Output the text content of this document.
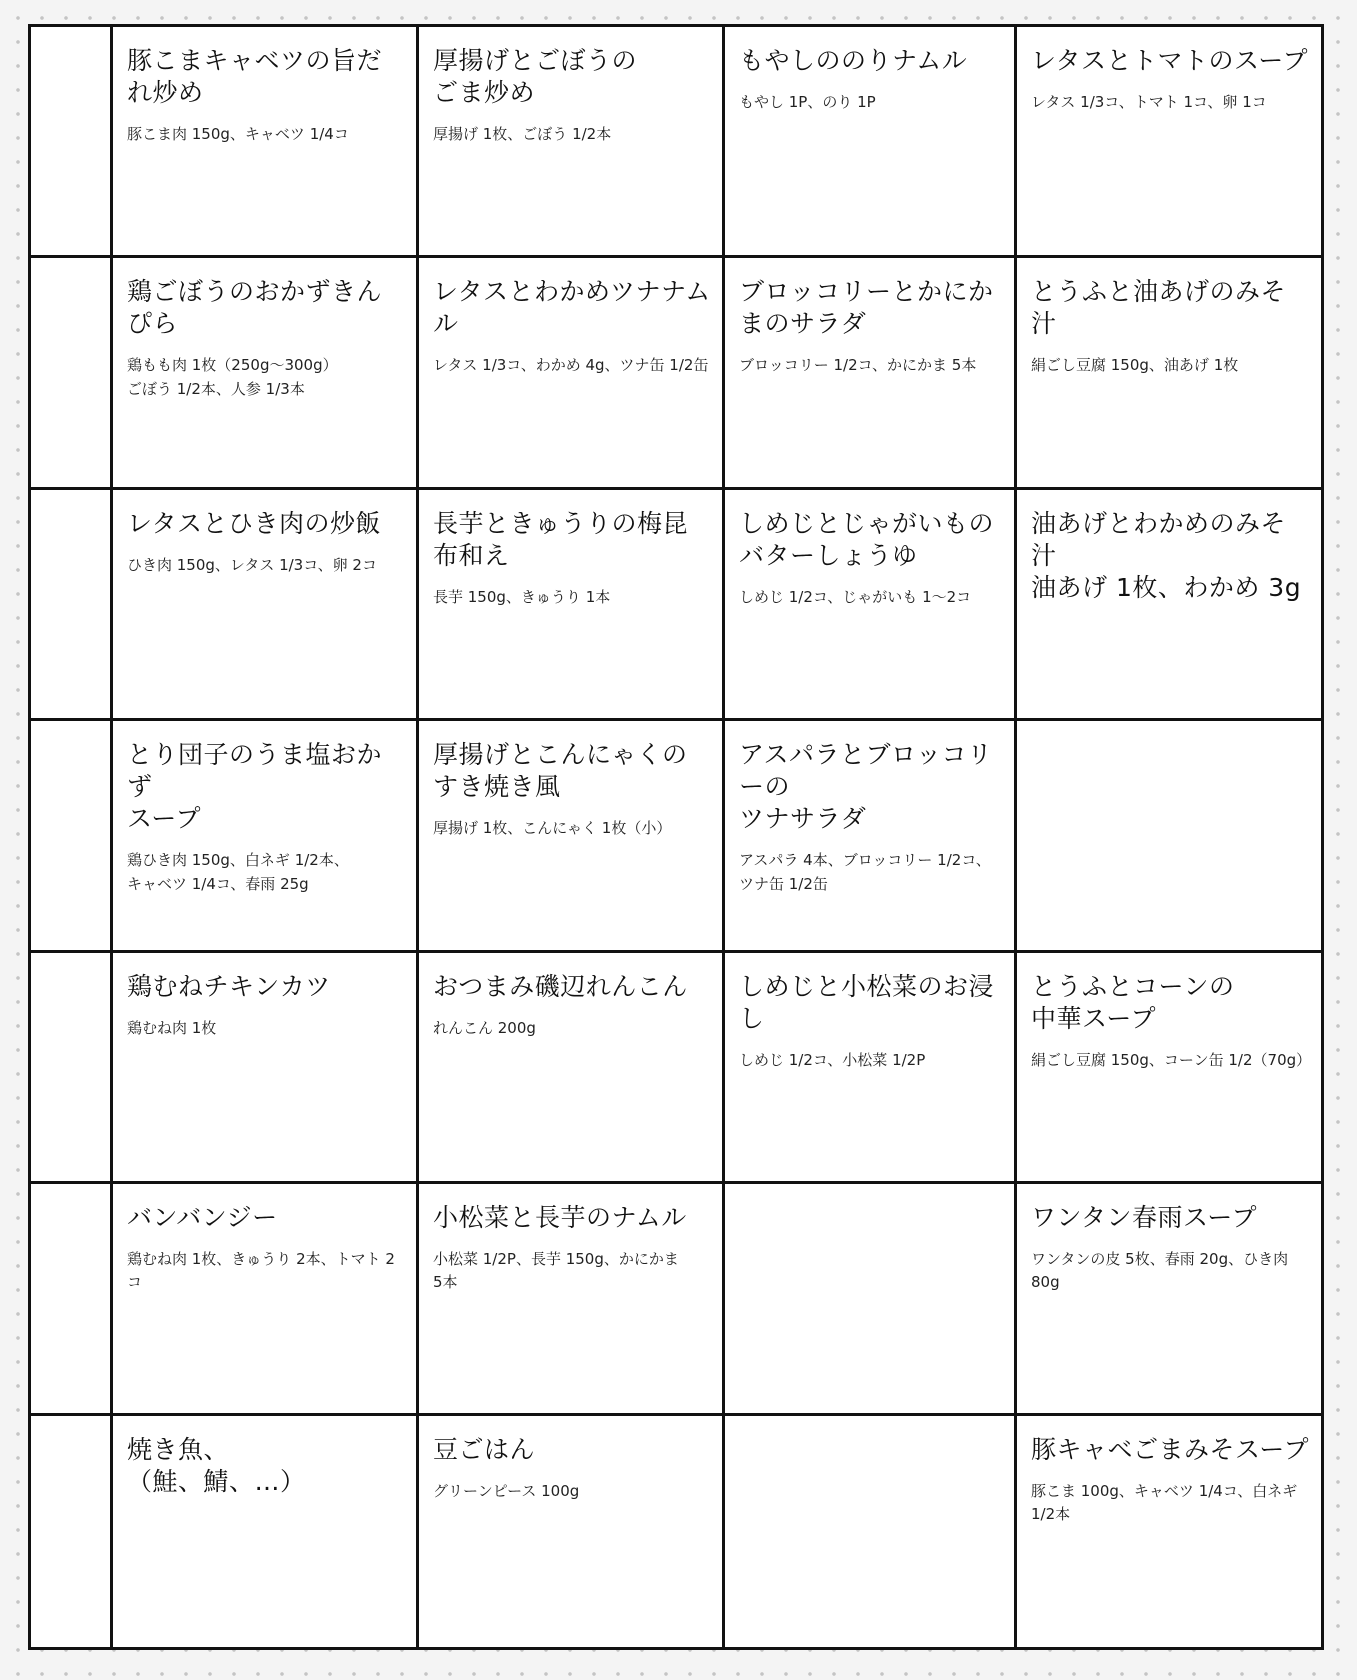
豚こまキャベツの旨だれ炒め
豚こま肉 150g、キャベツ 1/4コ
厚揚げとごぼうの
ごま炒め
厚揚げ 1枚、ごぼう 1/2本
もやしののりナムル
もやし 1P、のり 1P
レタスとトマトのスープ
レタス 1/3コ、トマト 1コ、卵 1コ
鶏ごぼうのおかずきんぴら
鶏もも肉 1枚（250g～300g）
ごぼう 1/2本、人参 1/3本
レタスとわかめツナナムル
レタス 1/3コ、わかめ 4g、ツナ缶 1/2缶
ブロッコリーとかにかまのサラダ
ブロッコリー 1/2コ、かにかま 5本
とうふと油あげのみそ汁
絹ごし豆腐 150g、油あげ 1枚
レタスとひき肉の炒飯
ひき肉 150g、レタス 1/3コ、卵 2コ
長芋ときゅうりの梅昆布和え
長芋 150g、きゅうり 1本
しめじとじゃがいものバターしょうゆ
しめじ 1/2コ、じゃがいも 1～2コ
油あげとわかめのみそ汁
油あげ 1枚、わかめ 3g
とり団子のうま塩おかず
スープ
鶏ひき肉 150g、白ネギ 1/2本、
キャベツ 1/4コ、春雨 25g
厚揚げとこんにゃくの
すき焼き風
厚揚げ 1枚、こんにゃく 1枚（小）
アスパラとブロッコリーの
ツナサラダ
アスパラ 4本、ブロッコリー 1/2コ、ツナ缶 1/2缶
鶏むねチキンカツ
鶏むね肉 1枚
おつまみ磯辺れんこん
れんこん 200g
しめじと小松菜のお浸し
しめじ 1/2コ、小松菜 1/2P
とうふとコーンの
中華スープ
絹ごし豆腐 150g、コーン缶 1/2（70g）
バンバンジー
鶏むね肉 1枚、きゅうり 2本、トマト 2コ
小松菜と長芋のナムル
小松菜 1/2P、長芋 150g、かにかま
5本
ワンタン春雨スープ
ワンタンの皮 5枚、春雨 20g、ひき肉 80g
焼き魚、
（鮭、鯖、…）
豆ごはん
グリーンピース 100g
豚キャベごまみそスープ
豚こま 100g、キャベツ 1/4コ、白ネギ 1/2本
